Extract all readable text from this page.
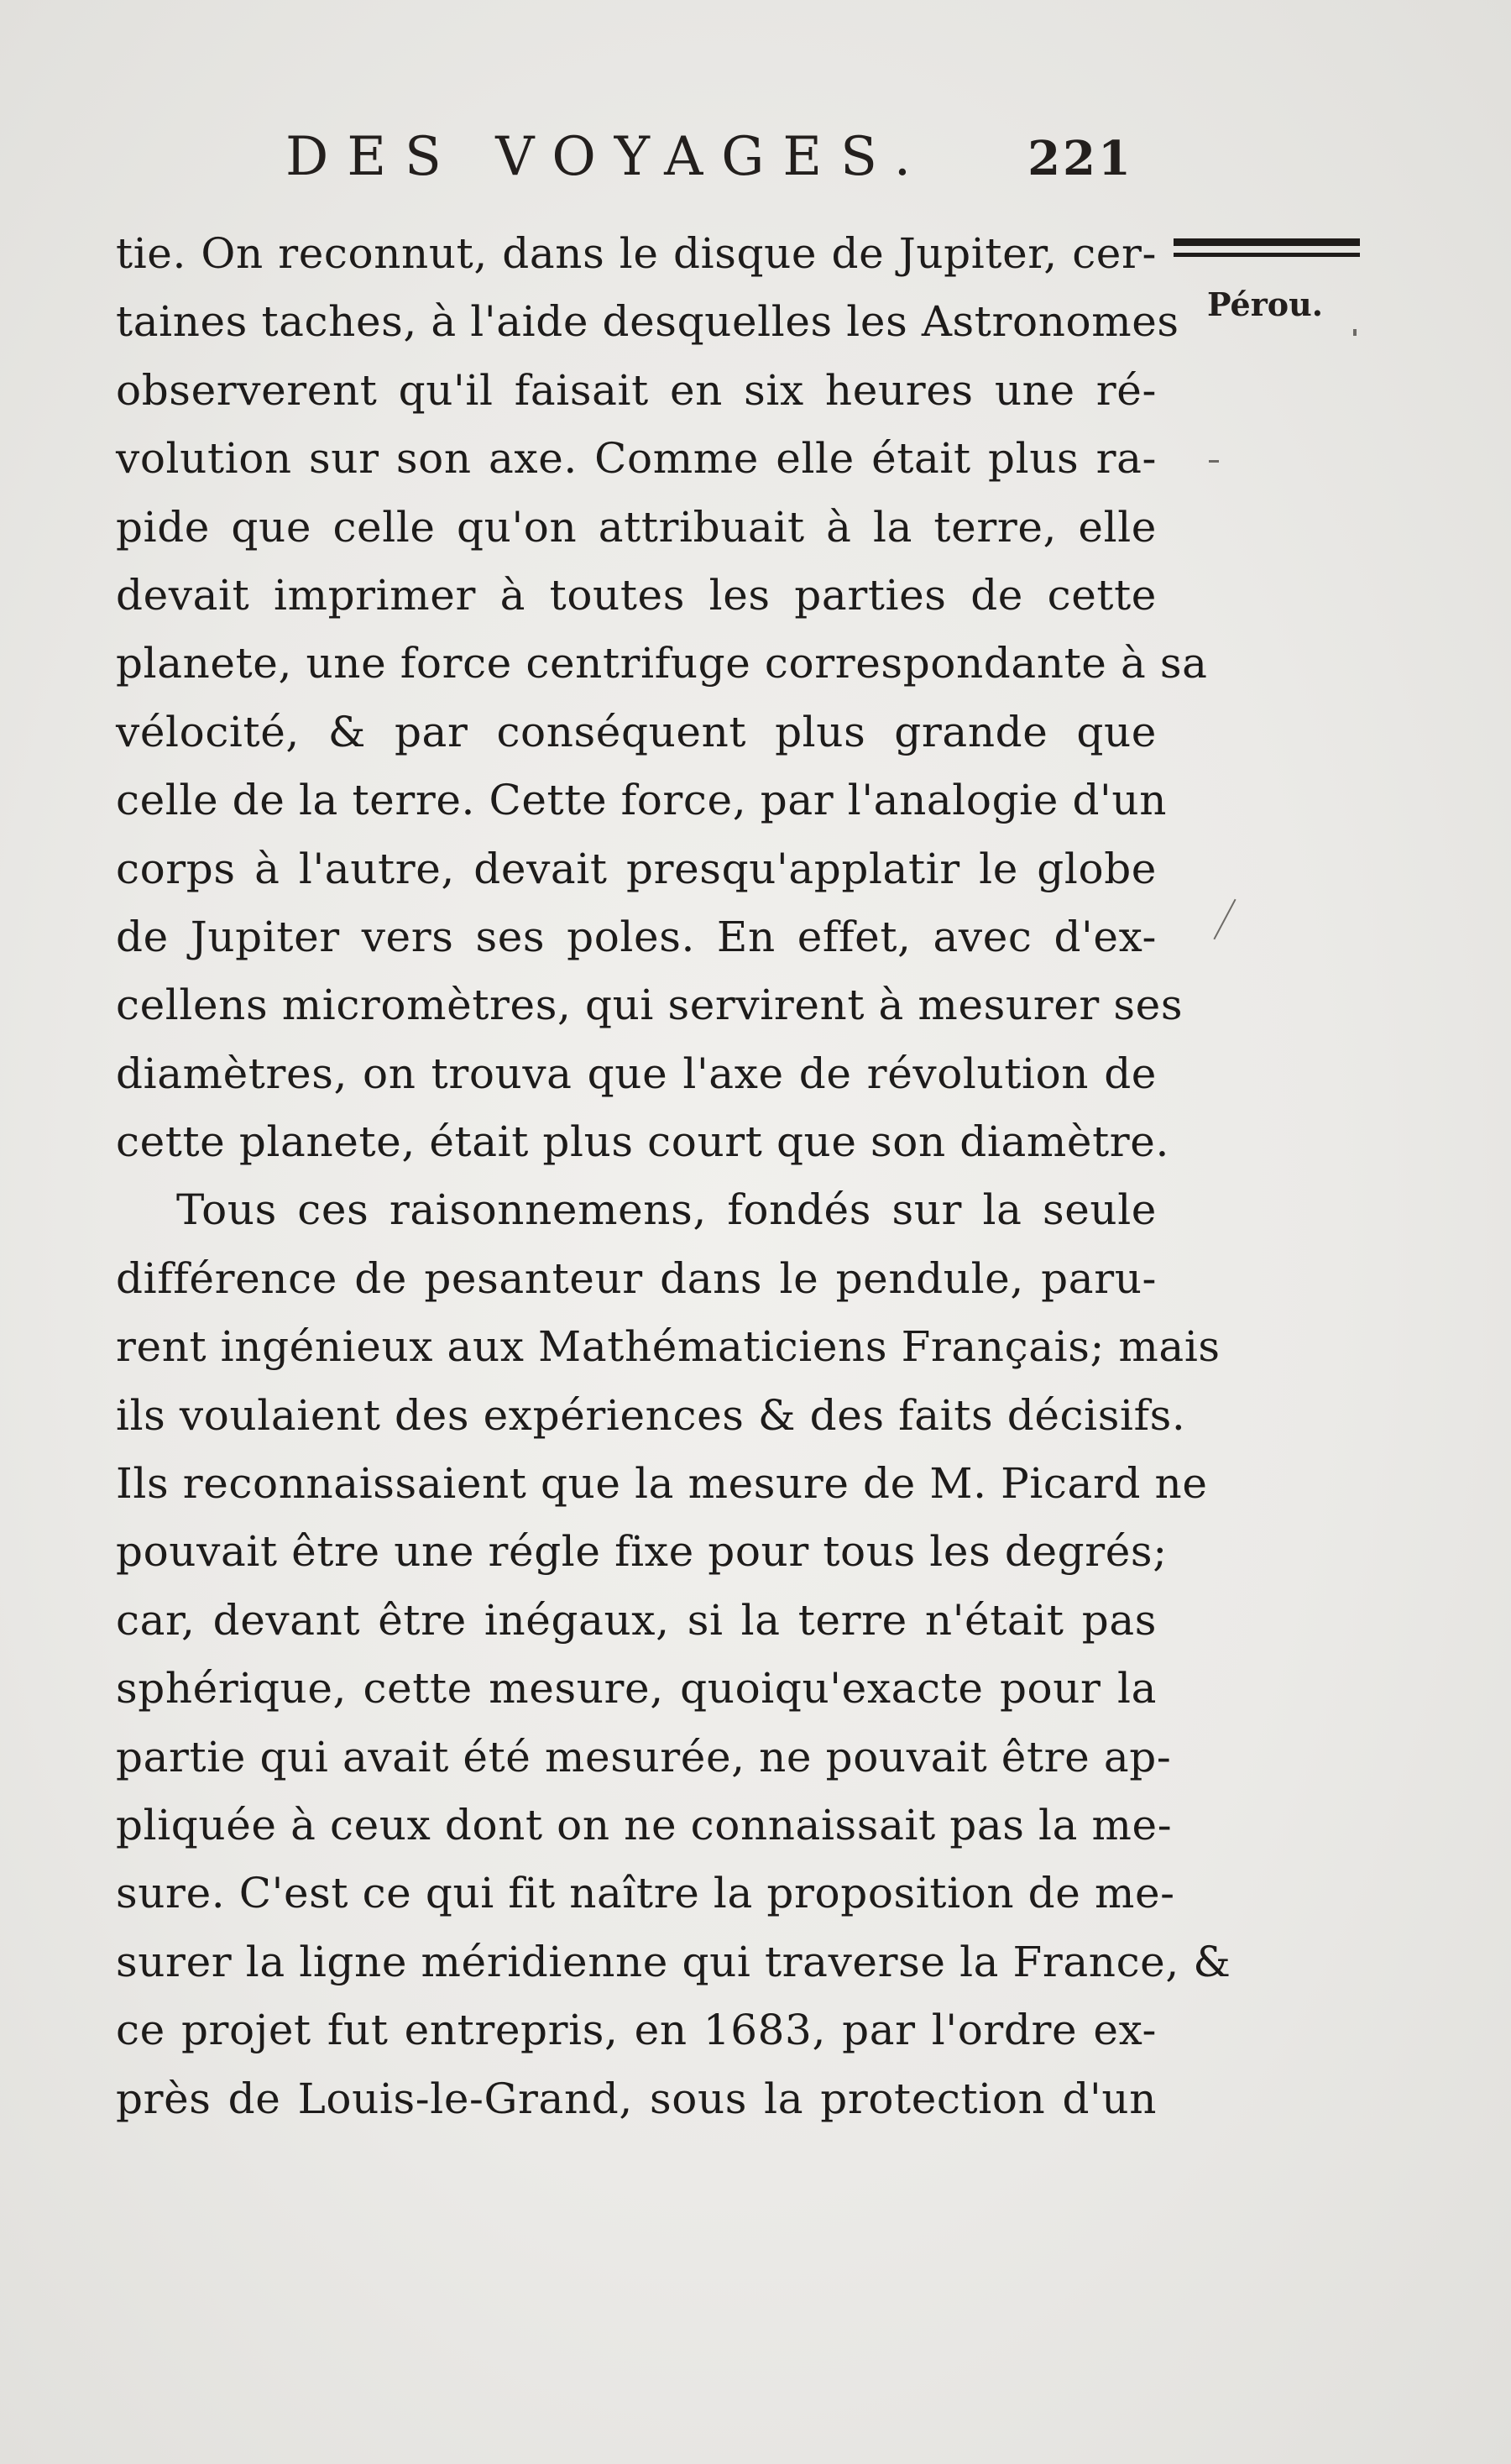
DES VOYAGES. 221
Pérou.
tie. On reconnut, dans le disque de Jupiter, cer-
taines taches, à l'aide desquelles les Astronomes
observerent qu'il faisait en six heures une ré-
volution sur son axe. Comme elle était plus ra-
pide que celle qu'on attribuait à la terre, elle
devait imprimer à toutes les parties de cette
planete, une force centrifuge correspondante à sa
vélocité, & par conséquent plus grande que
celle de la terre. Cette force, par l'analogie d'un
corps à l'autre, devait presqu'applatir le globe
de Jupiter vers ses poles. En effet, avec d'ex-
cellens micromètres, qui servirent à mesurer ses
diamètres, on trouva que l'axe de révolution de
cette planete, était plus court que son diamètre.
Tous ces raisonnemens, fondés sur la seule
différence de pesanteur dans le pendule, paru-
rent ingénieux aux Mathématiciens Français; mais
ils voulaient des expériences & des faits décisifs.
Ils reconnaissaient que la mesure de M. Picard ne
pouvait être une régle fixe pour tous les degrés;
car, devant être inégaux, si la terre n'était pas
sphérique, cette mesure, quoiqu'exacte pour la
partie qui avait été mesurée, ne pouvait être ap-
pliquée à ceux dont on ne connaissait pas la me-
sure. C'est ce qui fit naître la proposition de me-
surer la ligne méridienne qui traverse la France, &
ce projet fut entrepris, en 1683, par l'ordre ex-
près de Louis-le-Grand, sous la protection d'un
